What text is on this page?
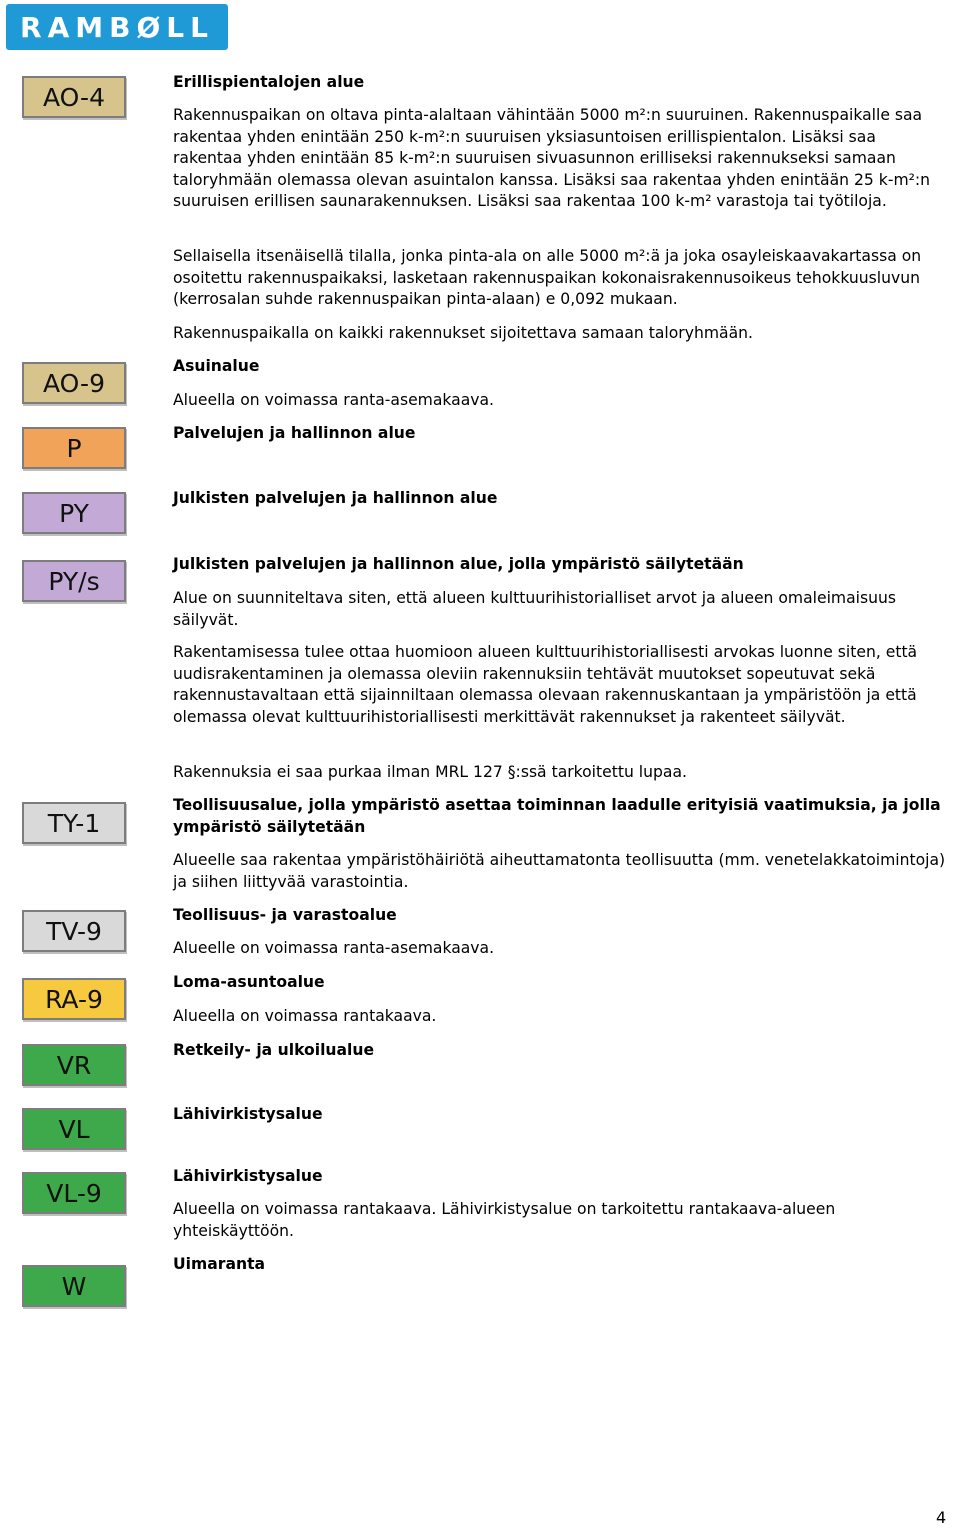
RAMBØLL
AO-4
AO-9
P
PY
PY/s
TY-1
TV-9
RA-9
VR
VL
VL-9
W
Erillispientalojen alue
Rakennuspaikan on oltava pinta-alaltaan vähintään 5000 m²:n suuruinen. Rakennuspaikalle saa rakentaa yhden enintään 250 k-m²:n suuruisen yksiasuntoisen erillispientalon. Lisäksi saa rakentaa yhden enintään 85 k-m²:n suuruisen sivuasunnon erilliseksi rakennukseksi samaan taloryhmään olemassa olevan asuintalon kanssa. Lisäksi saa rakentaa yhden enintään 25 k-m²:n suuruisen erillisen saunarakennuksen. Lisäksi saa rakentaa 100 k-m² varastoja tai työtiloja.
Sellaisella itsenäisellä tilalla, jonka pinta-ala on alle 5000 m²:ä ja joka osayleiskaavakartassa on osoitettu rakennuspaikaksi, lasketaan rakennuspaikan kokonaisrakennusoikeus tehokkuusluvun (kerrosalan suhde rakennuspaikan pinta-alaan) e 0,092 mukaan.
Rakennuspaikalla on kaikki rakennukset sijoitettava samaan taloryhmään.
Asuinalue
Alueella on voimassa ranta-asemakaava.
Palvelujen ja hallinnon alue
Julkisten palvelujen ja hallinnon alue
Julkisten palvelujen ja hallinnon alue, jolla ympäristö säilytetään
Alue on suunniteltava siten, että alueen kulttuurihistorialliset arvot ja alueen omaleimaisuus säilyvät.
Rakentamisessa tulee ottaa huomioon alueen kulttuurihistoriallisesti arvokas luonne siten, että uudisrakentaminen ja olemassa oleviin rakennuksiin tehtävät muutokset sopeutuvat sekä rakennustavaltaan että sijainniltaan olemassa olevaan rakennuskantaan ja ympäristöön ja että olemassa olevat kulttuurihistoriallisesti merkittävät rakennukset ja rakenteet säilyvät.
Rakennuksia ei saa purkaa ilman MRL 127 §:ssä tarkoitettu lupaa.
Teollisuusalue, jolla ympäristö asettaa toiminnan laadulle erityisiä vaatimuksia, ja jolla ympäristö säilytetään
Alueelle saa rakentaa ympäristöhäiriötä aiheuttamatonta teollisuutta (mm. venetelakkatoimintoja) ja siihen liittyvää varastointia.
Teollisuus- ja varastoalue
Alueelle on voimassa ranta-asemakaava.
Loma-asuntoalue
Alueella on voimassa rantakaava.
Retkeily- ja ulkoilualue
Lähivirkistysalue
Lähivirkistysalue
Alueella on voimassa rantakaava. Lähivirkistysalue on tarkoitettu rantakaava-alueen yhteiskäyttöön.
Uimaranta
4
